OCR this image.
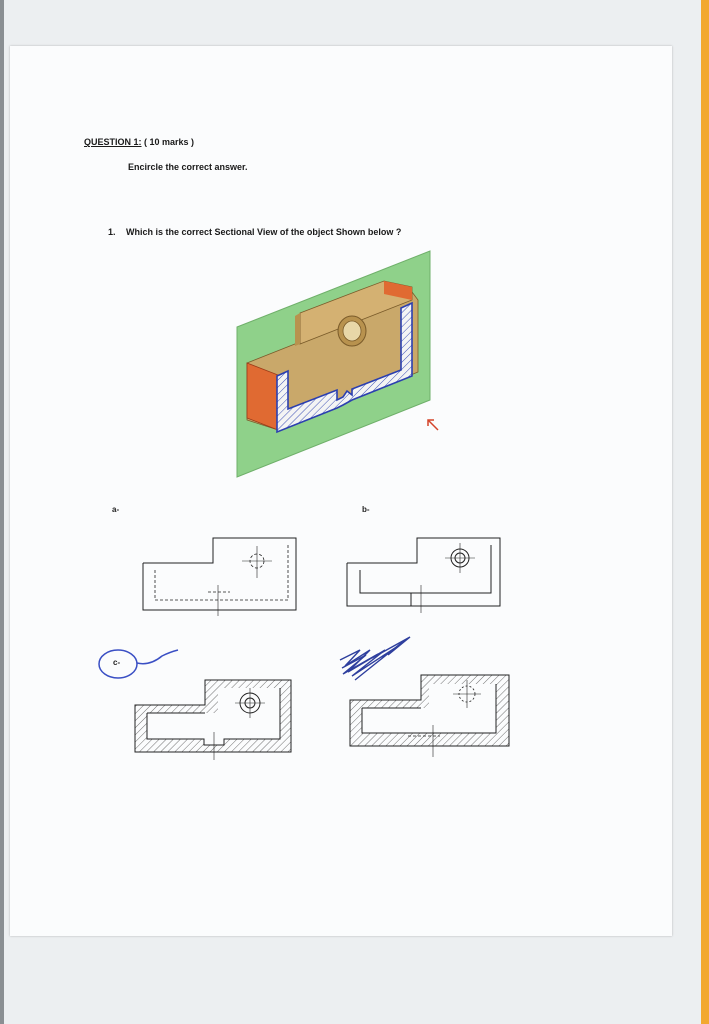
QUESTION 1: ( 10 marks )
Encircle the correct answer.
1. Which is the correct Sectional View of the object Shown below ?
a-	b-
c-
